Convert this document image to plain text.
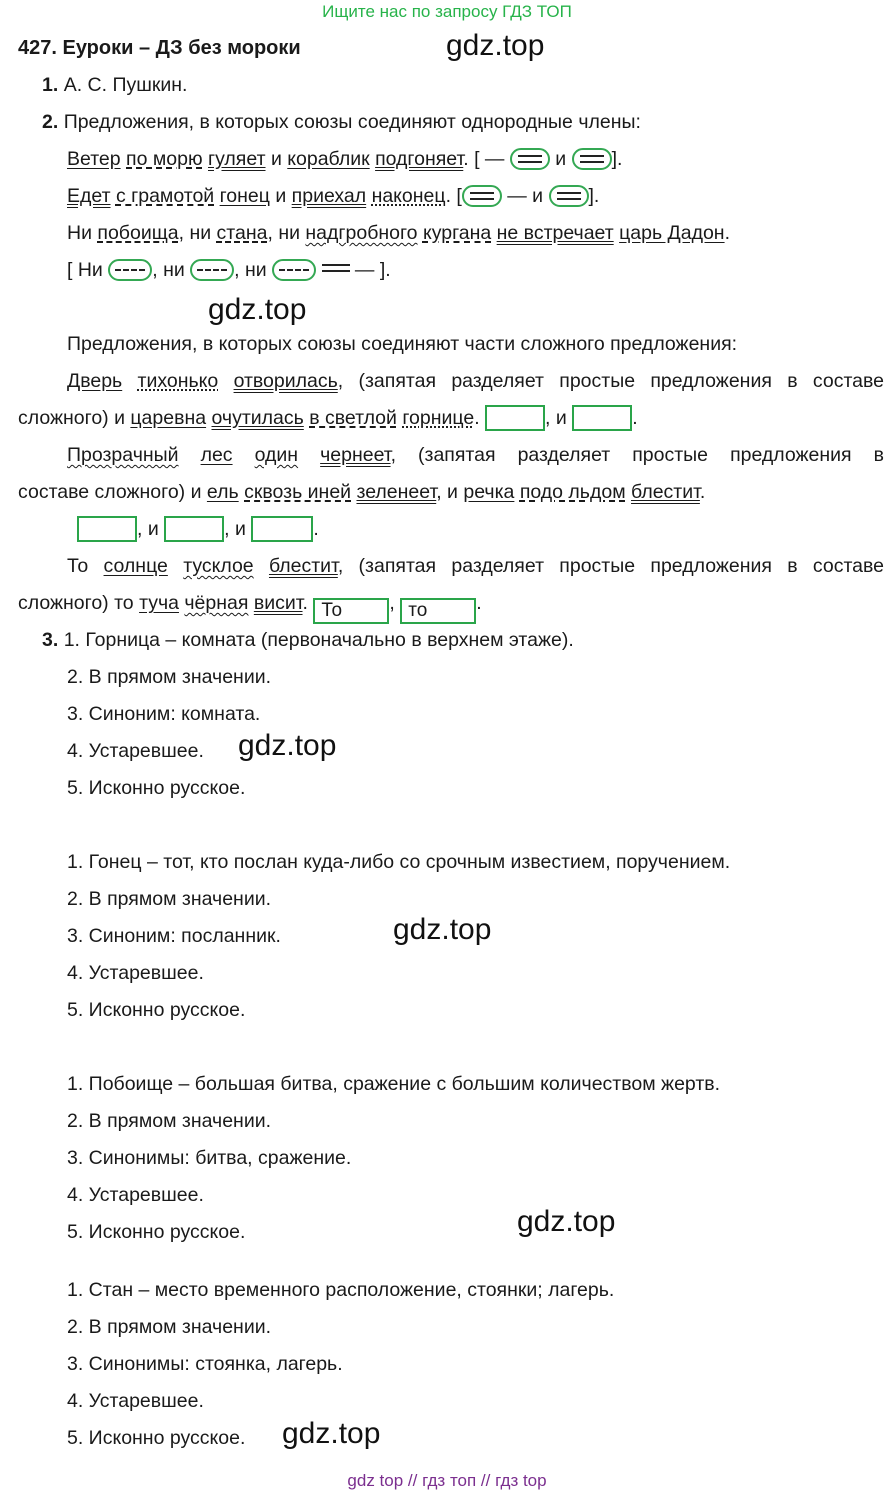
Ищите нас по запросу ГДЗ ТОП
427. Еуроки – ДЗ без мороки	gdz.top
1. А. С. Пушкин.
2. Предложения, в которых союзы соединяют однородные члены:
Ветер по морю гуляет и кораблик подгоняет. [ —	и ].
Едет с грамотой гонец и приехал наконец. [ — и ].
Ни побоища, ни стана, ни надгробного кургана не встречает царь Дадон.
[ Ни	, ни	, ни	— ].
gdz.top
Предложения, в которых союзы соединяют части сложного предложения:
Дверь тихонько отворилась, (запятая разделяет простые предложения в составе
сложного) и царевна очутилась в светлой горнице.	, и	.
Прозрачный лес один чернеет, (запятая разделяет простые предложения в
составе сложного) и ель сквозь иней зеленеет, и речка подо льдом блестит.
, и	, и	.
То солнце тусклое блестит, (запятая разделяет простые предложения в составе
сложного) то туча чёрная висит. То , то	.
3. 1. Горница – комната (первоначально в верхнем этаже).
2. В прямом значении.
3. Синоним: комната.
4. Устаревшее. gdz.top
5. Исконно русское.
1. Гонец – тот, кто послан куда-либо со срочным известием, поручением.
2. В прямом значении.
3. Синоним: посланник.	gdz.top
4. Устаревшее.
5. Исконно русское.
1. Побоище – большая битва, сражение с большим количеством жертв.
2. В прямом значении.
3. Синонимы: битва, сражение.
4. Устаревшее.
5. Исконно русское.	gdz.top
1. Стан – место временного расположение, стоянки; лагерь.
2. В прямом значении.
3. Синонимы: стоянка, лагерь.
4. Устаревшее.
5. Исконно русское. gdz.top
gdz top // гдз топ // гдз top
